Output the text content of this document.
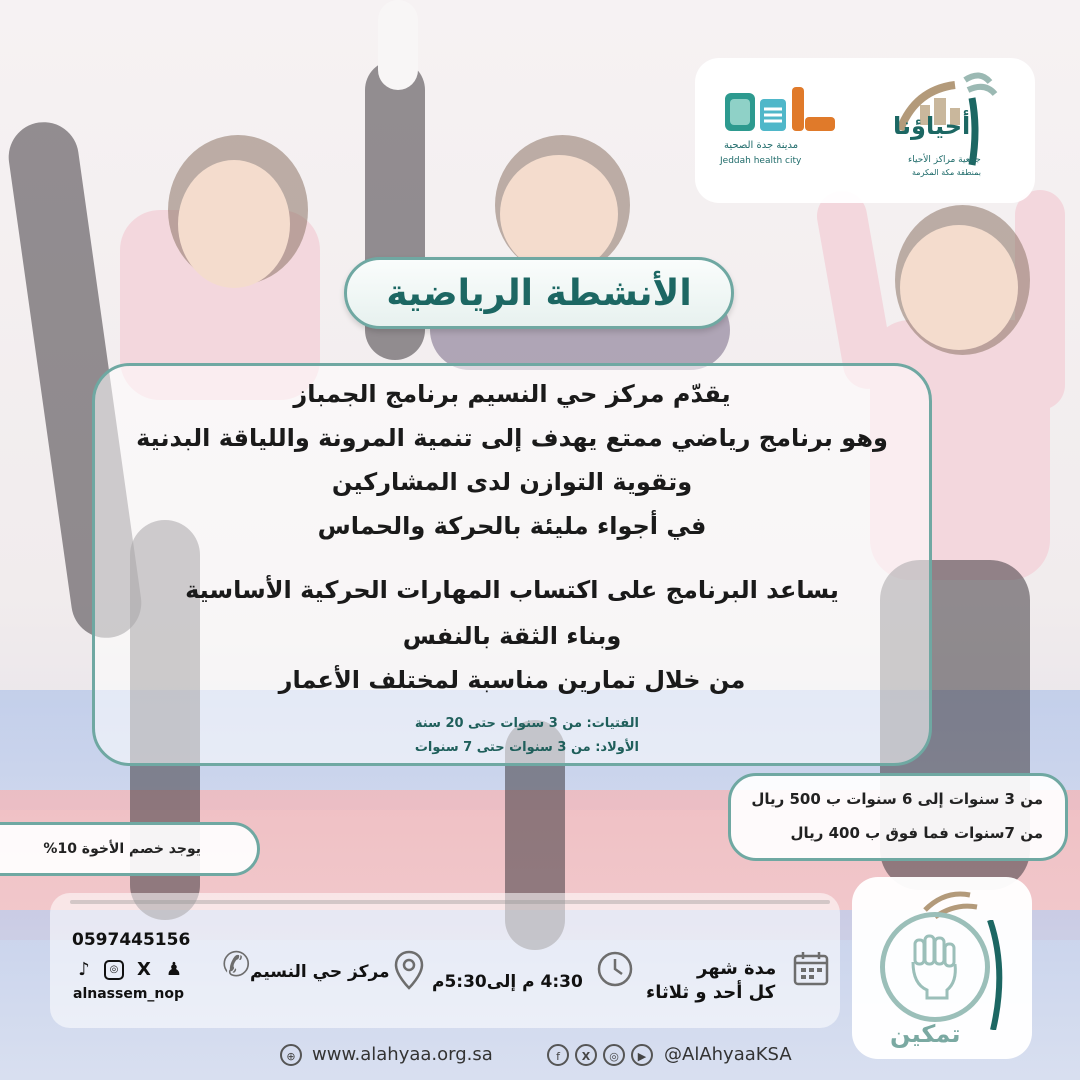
مدينة جدة الصحية
Jeddah health city
أحياؤنا
جمعية مراكز الأحياء
بمنطقة مكة المكرمة
الأنشطة الرياضية
يقدّم مركز حي النسيم برنامج الجمباز
وهو برنامج رياضي ممتع يهدف إلى تنمية المرونة واللياقة البدنية
وتقوية التوازن لدى المشاركين
في أجواء مليئة بالحركة والحماس
يساعد البرنامج على اكتساب المهارات الحركية الأساسية
وبناء الثقة بالنفس
من خلال تمارين مناسبة لمختلف الأعمار
الفتيات: من 3 سنوات حتى 20 سنة
الأولاد: من 3 سنوات حتى 7 سنوات
من 3 سنوات إلى 6 سنوات ب 500 ريال
من 7سنوات فما فوق ب 400 ريال
يوجد خصم الأخوة 10%
0597445156
♪	◎	X ♟
alnassem_nop
✆ مركز حي النسيم 4:30 م إلى5:30م
مدة شهر
كل أحد و ثلاثاء
تمكين
⊕ www.alahyaa.org.sa	f	X	◎	▶ @AlAhyaaKSA
